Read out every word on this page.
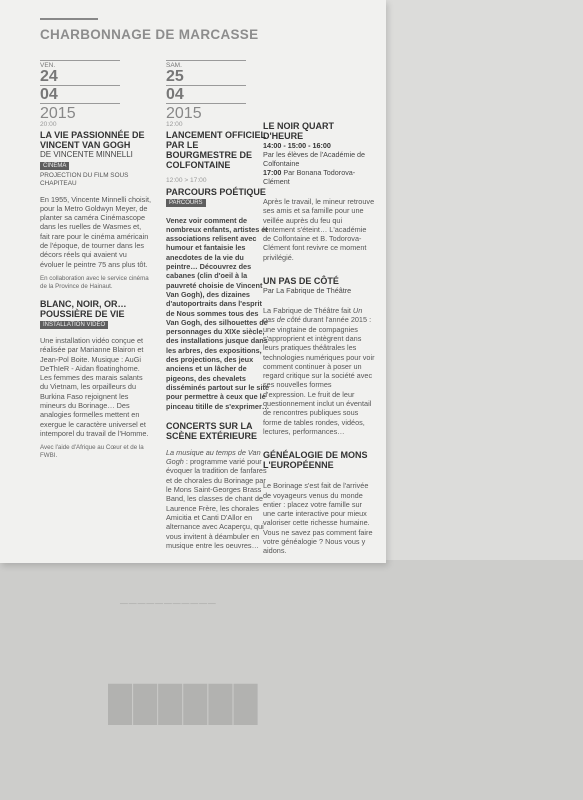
───────────
██████
CHARBONNAGE DE MARCASSE
VEN.
24
04
2015
SAM.
25
04
2015
20:00
LA VIE PASSIONNÉE DE VINCENT VAN GOGH
DE VINCENTE MINNELLI
CINÉMA
PROJECTION DU FILM SOUS CHAPITEAU
En 1955, Vincente Minnelli choisit, pour la Metro Goldwyn Meyer, de planter sa caméra Cinémascope dans les ruelles de Wasmes et, fait rare pour le cinéma américain de l'époque, de tourner dans les décors réels qui avaient vu évoluer le peintre 75 ans plus tôt.
En collaboration avec le service cinéma de la Province de Hainaut.
BLANC, NOIR, OR… POUSSIÈRE DE VIE
INSTALLATION VIDÉO
Une installation vidéo conçue et réalisée par Marianne Blairon et Jean-Pol Boite. Musique : AuGi DeThIeR - Aidan floatinghome. Les femmes des marais salants du Vietnam, les orpailleurs du Burkina Faso rejoignent les mineurs du Borinage… Des analogies formelles mettent en exergue le caractère universel et intemporel du travail de l'Homme.
Avec l'aide d'Afrique au Cœur et de la FWBI.
12:00
LANCEMENT OFFICIEL PAR LE BOURGMESTRE DE COLFONTAINE
12:00 > 17:00
PARCOURS POÉTIQUE
PARCOURS
Venez voir comment de nombreux enfants, artistes et associations relisent avec humour et fantaisie les anecdotes de la vie du peintre… Découvrez des cabanes (clin d'oeil à la pauvreté choisie de Vincent Van Gogh), des dizaines d'autoportraits dans l'esprit de Nous sommes tous des Van Gogh, des silhouettes de personnages du XIXe siècle, des installations jusque dans les arbres, des expositions, des projections, des jeux anciens et un lâcher de pigeons, des chevalets disséminés partout sur le site pour permettre à ceux que le pinceau titille de s'exprimer…
CONCERTS SUR LA SCÈNE EXTÉRIEURE
La musique au temps de Van Gogh : programme varié pour évoquer la tradition de fanfares et de chorales du Borinage par le Mons Saint-Georges Brass Band, les classes de chant de Laurence Frère, les chorales Amicitia et Canti D'Allor en alternance avec Acaperçu, qui vous invitent à déambuler en musique entre les oeuvres…
LE NOIR QUART D'HEURE
14:00 - 15:00 - 16:00
Par les élèves de l'Académie de Colfontaine
17:00 Par Bonana Todorova-Clément
Après le travail, le mineur retrouve ses amis et sa famille pour une veillée auprès du feu qui lentement s'éteint… L'académie de Colfontaine et B. Todorova-Clément font revivre ce moment privilégié.
UN PAS DE CÔTÉ
Par La Fabrique de Théâtre
La Fabrique de Théâtre fait Un pas de côté durant l'année 2015 : une vingtaine de compagnies s'approprient et intègrent dans leurs pratiques théâtrales les technologies numériques pour voir comment continuer à poser un regard critique sur la société avec ses nouvelles formes d'expression. Le fruit de leur questionnement inclut un éventail de rencontres publiques sous forme de tables rondes, vidéos, lectures, performances…
GÉNÉALOGIE DE MONS L'EUROPÉENNE
Le Borinage s'est fait de l'arrivée de voyageurs venus du monde entier : placez votre famille sur une carte interactive pour mieux valoriser cette richesse humaine. Vous ne savez pas comment faire votre généalogie ? Nous vous y aidons.
